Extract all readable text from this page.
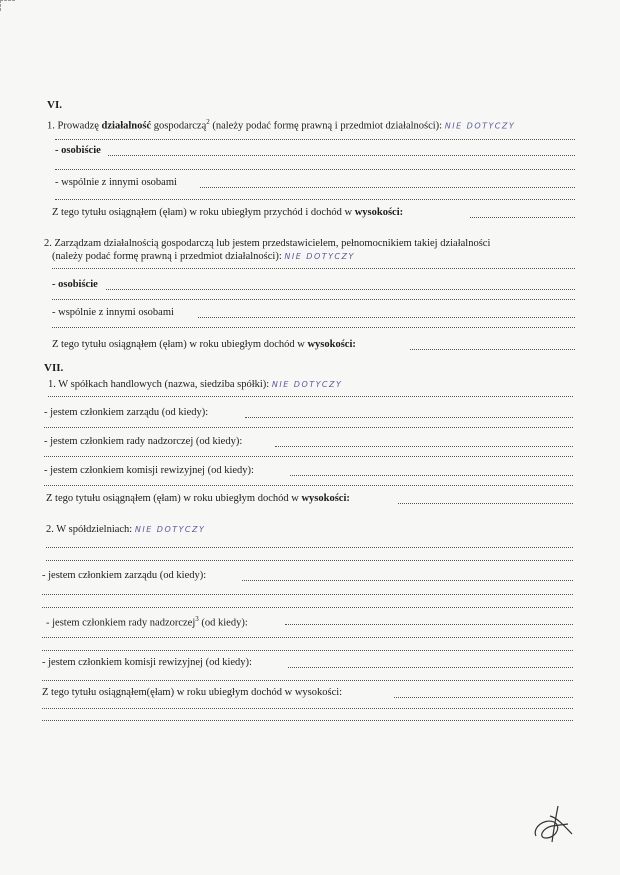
VI.
1. Prowadzę działalność gospodarczą$^2$ (należy podać formę prawną i przedmiot działalności): NIE DOTYCZY
- osobiście
- wspólnie z innymi osobami
Z tego tytułu osiągnąłem (ęłam) w roku ubiegłym przychód i dochód w wysokości:
2. Zarządzam działalnością gospodarczą lub jestem przedstawicielem, pełnomocnikiem takiej działalności
(należy podać formę prawną i przedmiot działalności): NIE DOTYCZY
- osobiście
- wspólnie z innymi osobami
Z tego tytułu osiągnąłem (ęłam) w roku ubiegłym dochód w wysokości:
VII.
1. W spółkach handlowych (nazwa, siedziba spółki): NIE DOTYCZY
- jestem członkiem zarządu (od kiedy):
- jestem członkiem rady nadzorczej (od kiedy):
- jestem członkiem komisji rewizyjnej (od kiedy):
Z tego tytułu osiągnąłem (ęłam) w roku ubiegłym dochód w wysokości:
2. W spółdzielniach: NIE DOTYCZY
- jestem członkiem zarządu (od kiedy):
- jestem członkiem rady nadzorczej$^3$ (od kiedy):
- jestem członkiem komisji rewizyjnej (od kiedy):
Z tego tytułu osiągnąłem(ęłam) w roku ubiegłym dochód w wysokości:
